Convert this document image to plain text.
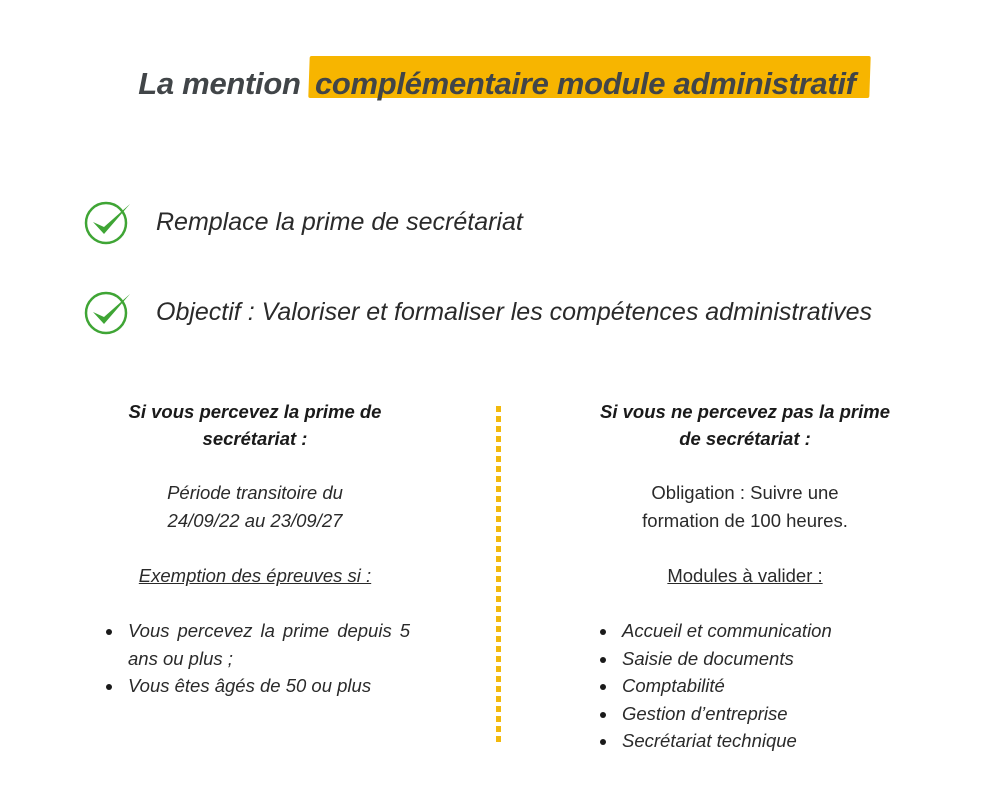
La mention complémentaire module administratif
Remplace la prime de secrétariat
Objectif : Valoriser et formaliser les compétences administratives

Si vous percevez la prime de

secrétariat :

Période transitoire du

24/09/22 au 23/09/27

Exemption des épreuves si :

Vous percevez la prime depuis 5 ans ou plus ;
Vous êtes âgés de 50 ou plus

Si vous ne percevez pas la prime

de secrétariat :

Obligation : Suivre une

formation de 100 heures.

Modules à valider :

Accueil et communication
Saisie de documents
Comptabilité
Gestion d’entreprise
Secrétariat technique
